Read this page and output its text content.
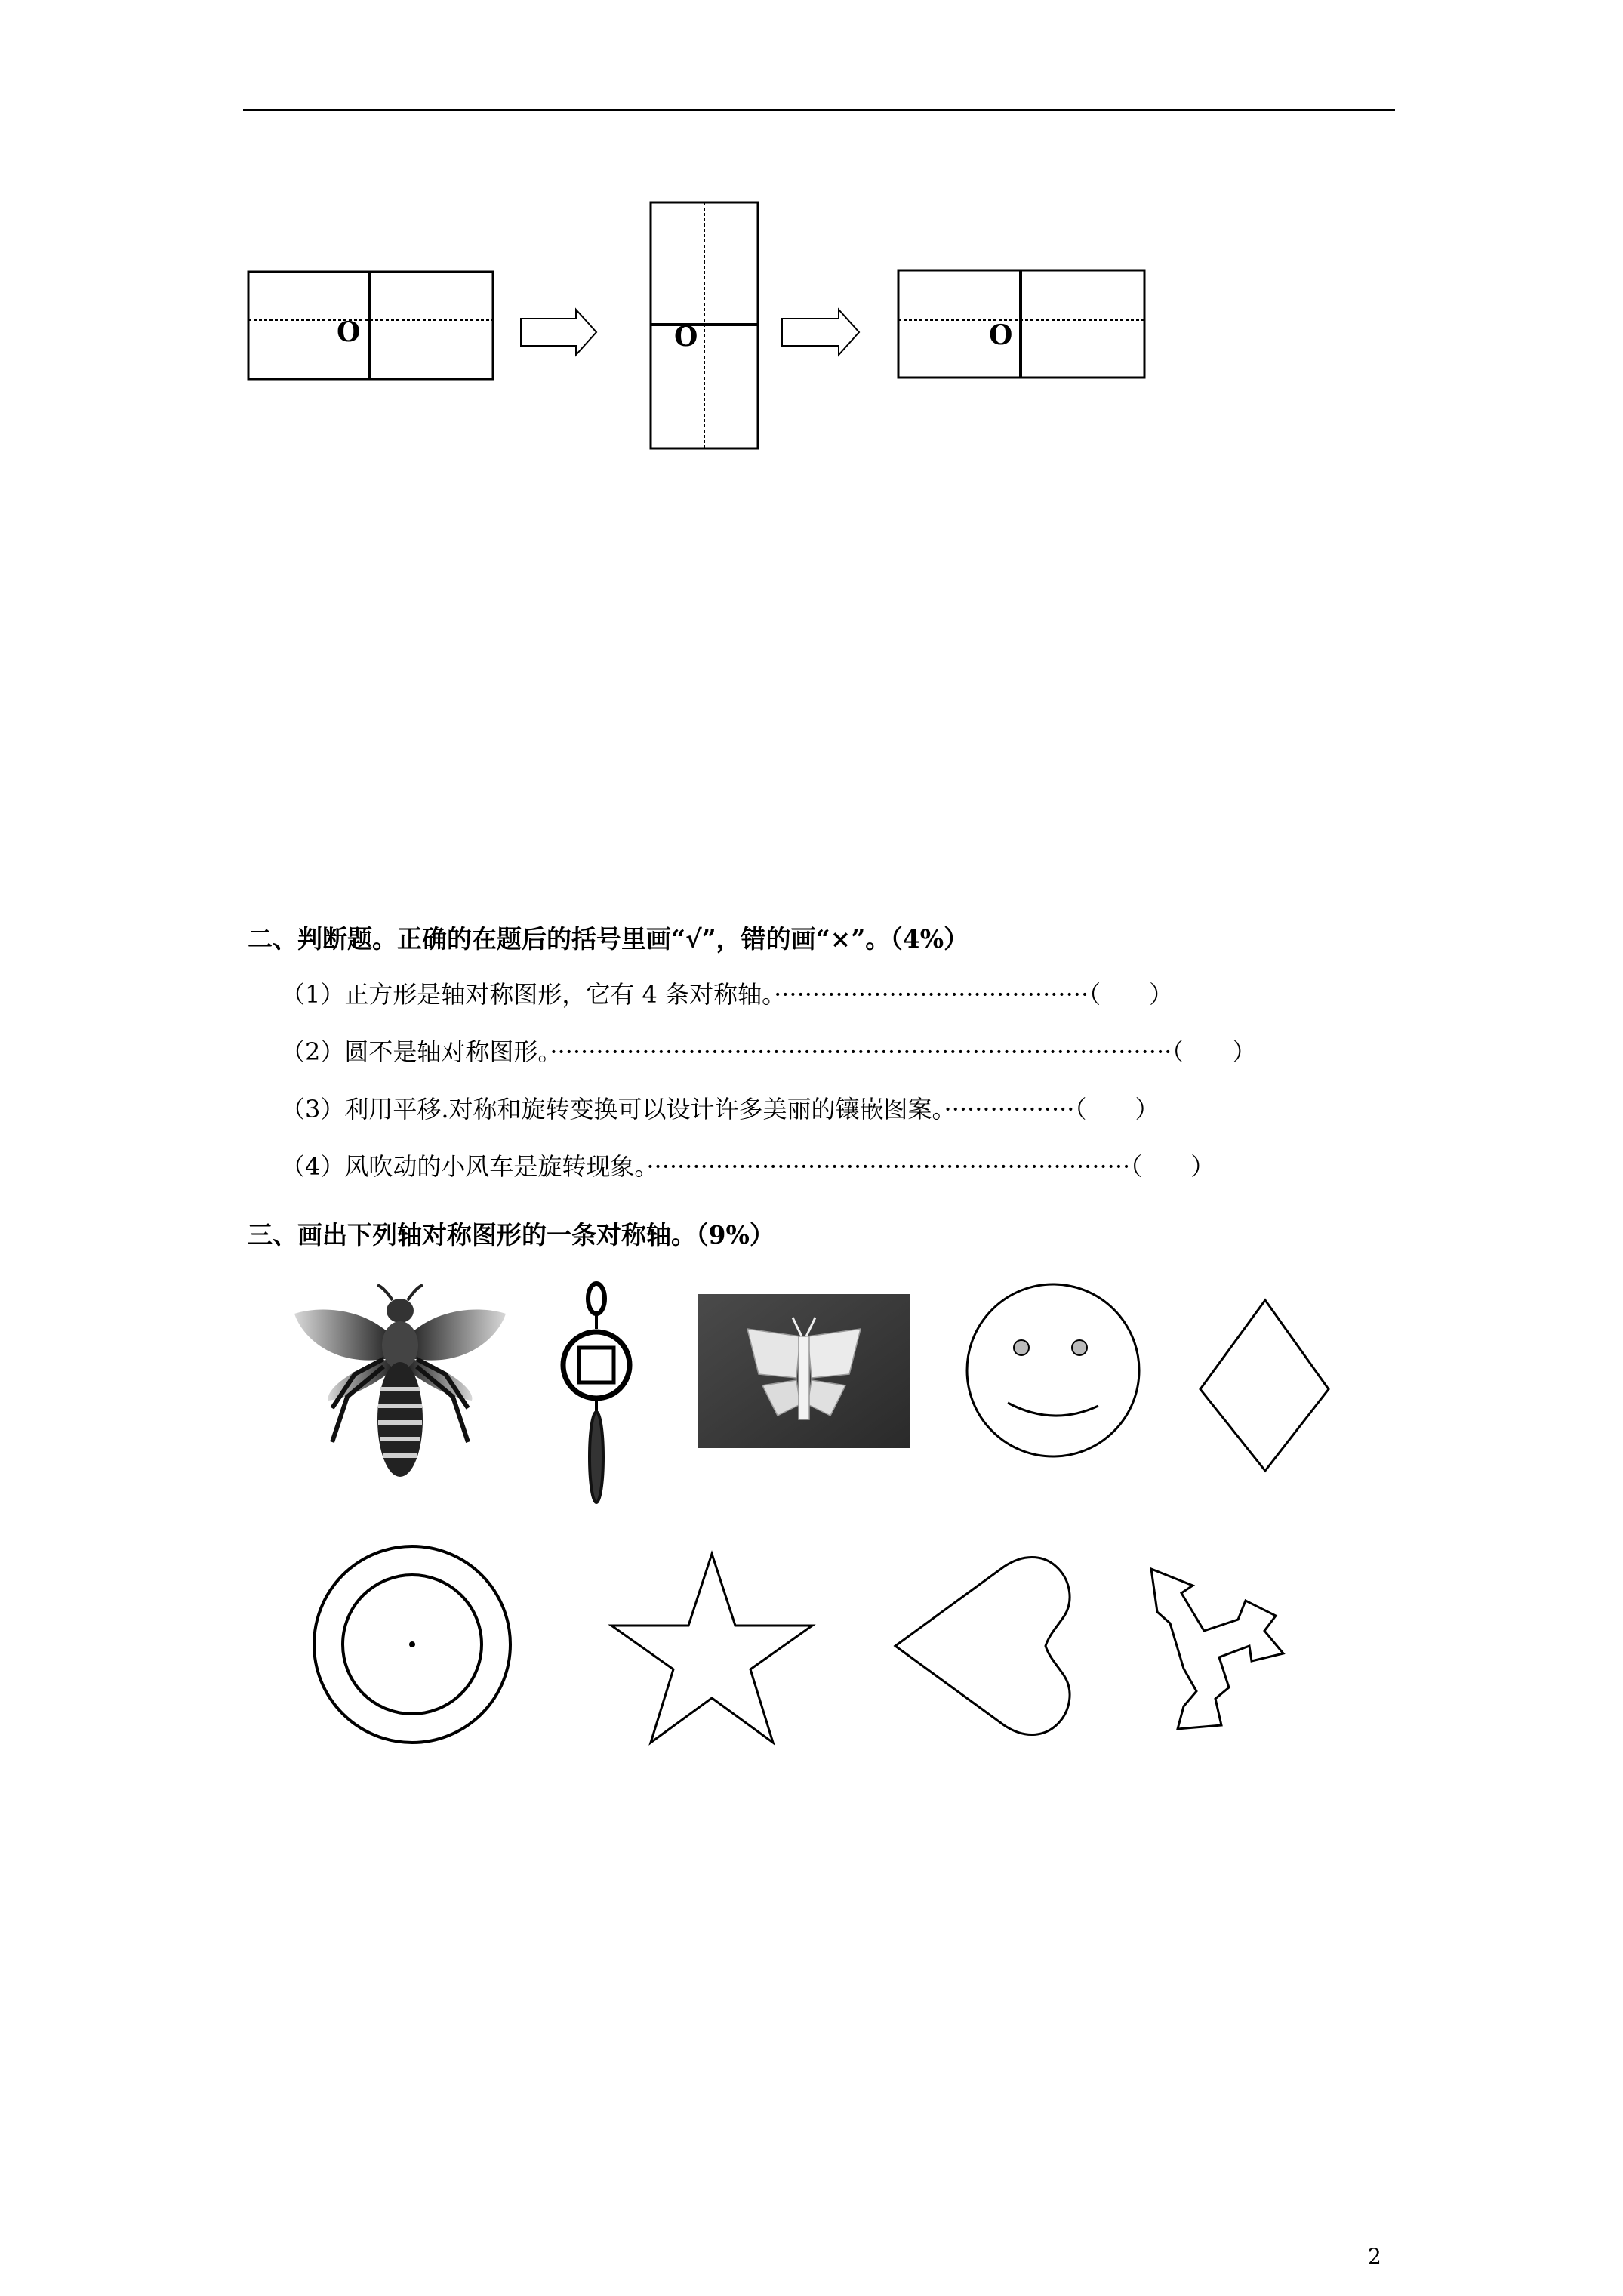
O	O	O
二、判断题。正确的在题后的括号里画“√”，错的画“×”。（4%）
（1）正方形是轴对称图形，它有 4 条对称轴。·········································（　　）
（2）圆不是轴对称图形。·················································································（　　）
（3）利用平移.对称和旋转变换可以设计许多美丽的镶嵌图案。·················（　　）
（4）风吹动的小风车是旋转现象。·······························································（　　）
三、画出下列轴对称图形的一条对称轴。（9%）
2
